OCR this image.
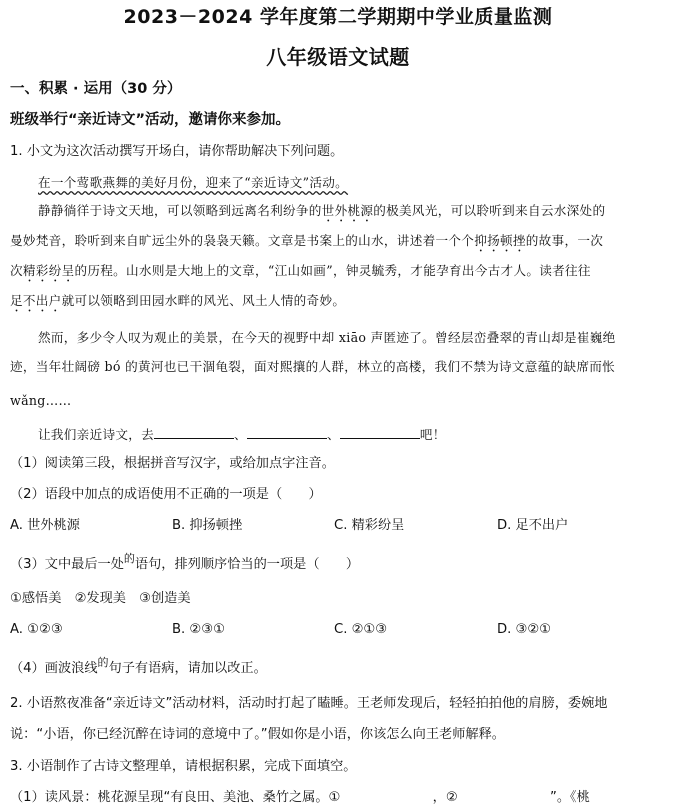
2023－2024 学年度第二学期期中学业质量监测
八年级语文试题
一、积累 · 运用（30 分）
班级举行“亲近诗文”活动，邀请你来参加。
1. 小文为这次活动撰写开场白，请你帮助解决下列问题。
在一个莺歌燕舞的美好月份，迎来了“亲近诗文”活动。
静静徜徉于诗文天地，可以领略到远离名利纷争的世外桃源的极美风光，可以聆听到来自云水深处的
曼妙梵音，聆听到来自旷远尘外的袅袅天籁。文章是书案上的山水，讲述着一个个抑扬顿挫的故事，一次
次精彩纷呈的历程。山水则是大地上的文章，“江山如画”，钟灵毓秀，才能孕育出今古才人。读者往往
足不出户就可以领略到田园水畔的风光、风土人情的奇妙。
然而，多少令人叹为观止的美景，在今天的视野中却 xiāo 声匿迹了。曾经层峦叠翠的青山却是崔巍绝
迹，当年壮阔磅 bó 的黄河也已干涸龟裂，面对熙攘的人群，林立的高楼，我们不禁为诗文意蕴的缺席而怅
wǎng……
让我们亲近诗文，去	、	、	吧！
（1）阅读第三段，根据拼音写汉字，或给加点字注音。
（2）语段中加点的成语使用不正确的一项是（　　）
A. 世外桃源	B. 抑扬顿挫	C. 精彩纷呈	D. 足不出户
（3）文中最后一处$^的$语句，排列顺序恰当的一项是（　　）
①感悟美　②发现美　③创造美
A. ①②③	B. ②③①	C. ②①③	D. ③②①
（4）画波浪线$^的$句子有语病，请加以改正。
2. 小语熬夜准备“亲近诗文”活动材料，活动时打起了瞌睡。王老师发现后，轻轻拍拍他的肩膀，委婉地
说：“小语，你已经沉醉在诗词的意境中了。”假如你是小语，你该怎么向王老师解释。
3. 小语制作了古诗文整理单，请根据积累，完成下面填空。
（1）读风景：桃花源呈现“有良田、美池、桑竹之属。①　　　　　　　，②　　　　　　　”。《桃
